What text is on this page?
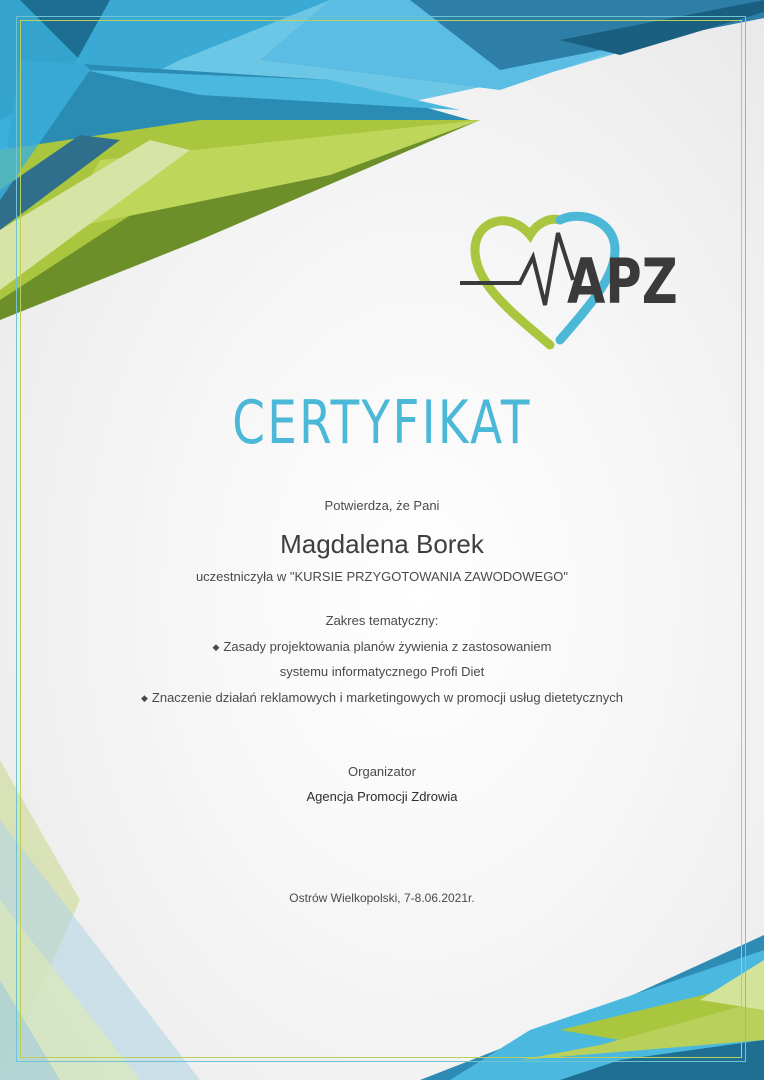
APZ
CERTYFIKAT
Potwierdza, że Pani
Magdalena Borek
uczestniczyła w "KURSIE PRZYGOTOWANIA ZAWODOWEGO"
Zakres tematyczny:
◆ Zasady projektowania planów żywienia z zastosowaniem
systemu informatycznego Profi Diet
◆ Znaczenie działań reklamowych i marketingowych w promocji usług dietetycznych
Organizator
Agencja Promocji Zdrowia
Ostrów Wielkopolski, 7-8.06.2021r.
